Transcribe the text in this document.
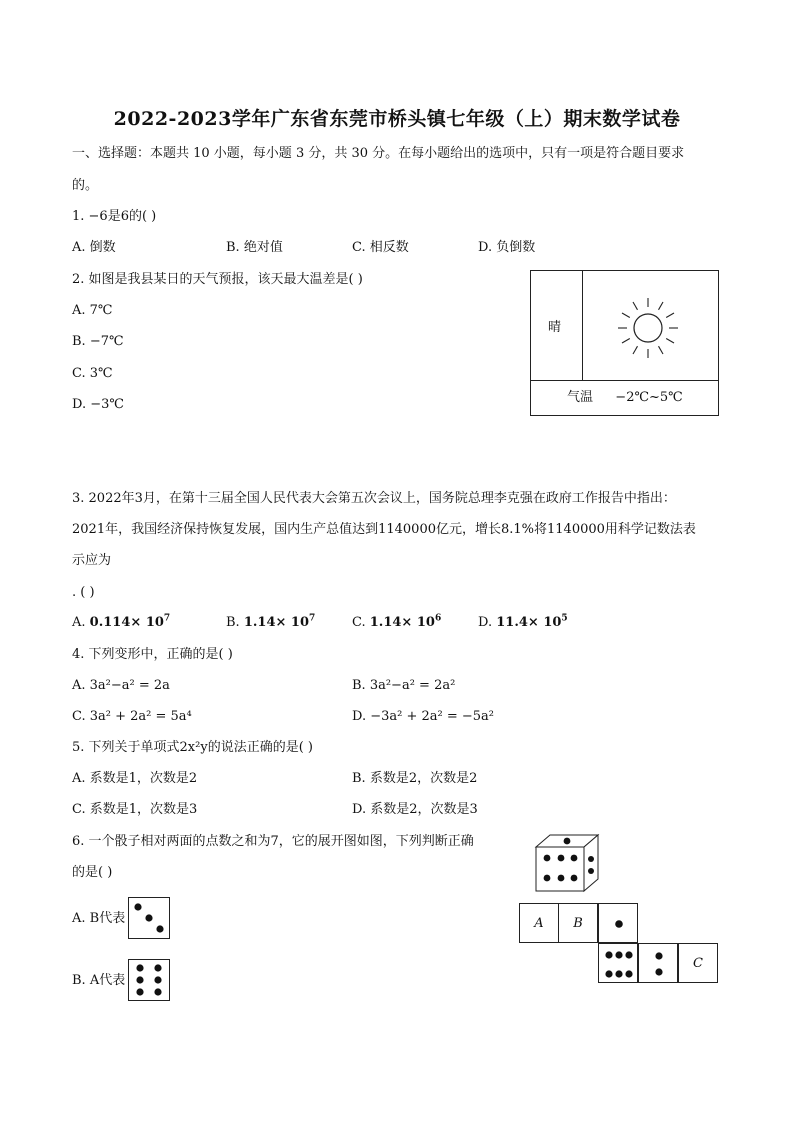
2022-2023学年广东省东莞市桥头镇七年级（上）期末数学试卷
一、选择题：本题共 10 小题，每小题 3 分，共 30 分。在每小题给出的选项中，只有一项是符合题目要求
的。
1. −6是6的( )
A. 倒数	B. 绝对值	C. 相反数	D. 负倒数
2. 如图是我县某日的天气预报，该天最大温差是( )
A. 7℃
B. −7℃
C. 3℃
D. −3℃
晴
气温 −2℃~5℃
3. 2022年3月，在第十三届全国人民代表大会第五次会议上，国务院总理李克强在政府工作报告中指出：
2021年，我国经济保持恢复发展，国内生产总值达到1140000亿元，增长8.1%将1140000用科学记数法表
示应为
. ( )
A. $0.114\times 10^7$	B. $1.14\times 10^7$	C. $1.14\times 10^6$	D. $11.4\times 10^5$
4. 下列变形中，正确的是( )
A. 3a²−a² = 2a	B. 3a²−a² = 2a²
C. 3a² + 2a² = 5a⁴	D. −3a² + 2a² = −5a²
5. 下列关于单项式2x²y的说法正确的是( )
A. 系数是1，次数是2	B. 系数是2，次数是2
C. 系数是1，次数是3	D. 系数是2，次数是3
6. 一个骰子相对两面的点数之和为7，它的展开图如图，下列判断正确
的是( )
A. B代表
B. A代表
A	B
C
